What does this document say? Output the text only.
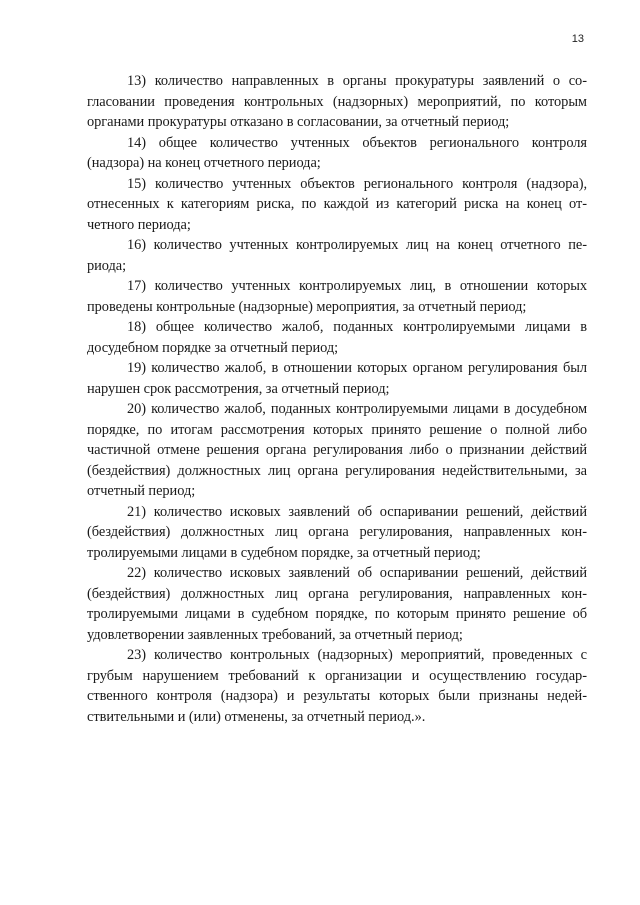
13

13) количество направленных в органы прокуратуры заявлений о согласовании проведения контрольных (надзорных) мероприятий, по которым органами прокуратуры отказано в согласовании, за отчетный период;

14) общее количество учтенных объектов регионального контроля (надзора) на конец отчетного периода;

15) количество учтенных объектов регионального контроля (надзора), отнесенных к категориям риска, по каждой из категорий риска на конец отчетного периода;

16) количество учтенных контролируемых лиц на конец отчетного периода;

17) количество учтенных контролируемых лиц, в отношении которых проведены контрольные (надзорные) мероприятия, за отчетный период;

18) общее количество жалоб, поданных контролируемыми лицами в досудебном порядке за отчетный период;

19) количество жалоб, в отношении которых органом регулирования был нарушен срок рассмотрения, за отчетный период;

20) количество жалоб, поданных контролируемыми лицами в досудебном порядке, по итогам рассмотрения которых принято решение о полной либо частичной отмене решения органа регулирования либо о признании действий (бездействия) должностных лиц органа регулирования недействительными, за отчетный период;

21) количество исковых заявлений об оспаривании решений, действий (бездействия) должностных лиц органа регулирования, направленных контролируемыми лицами в судебном порядке, за отчетный период;

22) количество исковых заявлений об оспаривании решений, действий (бездействия) должностных лиц органа регулирования, направленных контролируемыми лицами в судебном порядке, по которым принято решение об удовлетворении заявленных требований, за отчетный период;

23) количество контрольных (надзорных) мероприятий, проведенных с грубым нарушением требований к организации и осуществлению государственного контроля (надзора) и результаты которых были признаны недействительными и (или) отменены, за отчетный период.».
